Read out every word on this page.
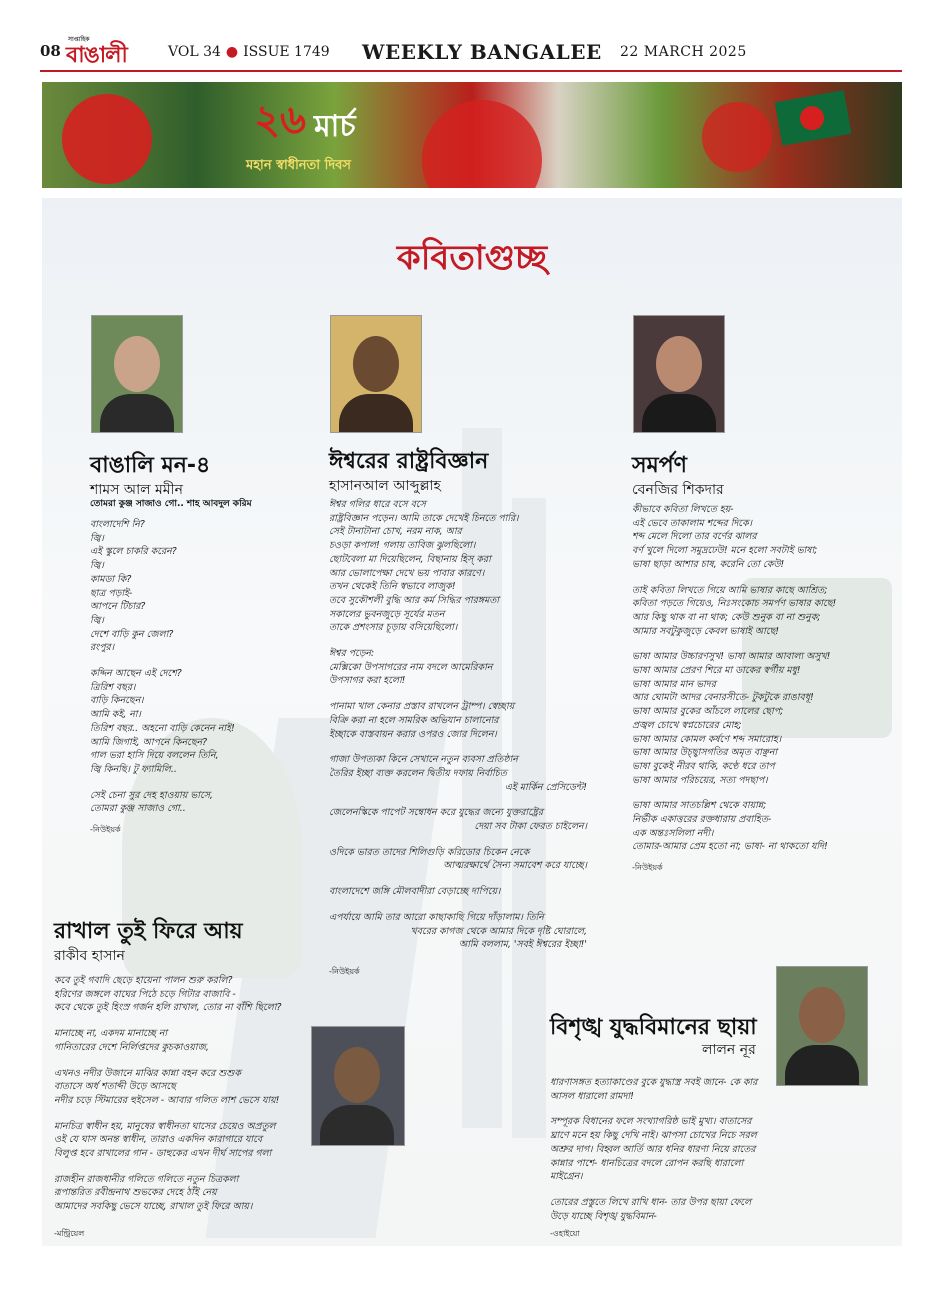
08
সাপ্তাহিক
বাঙালী	VOL 34 ● ISSUE 1749 WEEKLY BANGALEE 22 MARCH 2025
২৬ মার্চ
মহান স্বাধীনতা দিবস
কবিতাগুচ্ছ
বাঙালি মন-৪
শামস আল মমীন
তোমরা কুঞ্জ সাজাও গো.. শাহ আবদুল করিম
বাংলাদেশি নি?
জ্বি।
এই স্কুলে চাকরি করেন?
জ্বি।
কামডা কি?
ছাত্র পড়াই-
আপনে টিচার?
জ্বি।
দেশে বাড়ি কুন জেলা?
রংপুর।
কদ্দিন আছেন এই দেশে?
ত্রিরিশ বছর।
বাড়ি কিনছেন।
আমি কই, না।
তিরিশ বছর.. অহনো বাড়ি কেনেন নাই!
আমি জিগাই, আপনে কিনছেন?
গাল ভরা হাসি দিয়ে বললেন তিনি,
জ্বি কিনছি। টু ফ্যামিলি..
সেই চেনা সুর দেহ হাওয়ায় ভাসে,
তোমরা কুঞ্জ সাজাও গো..
-নিউইয়র্ক
ঈশ্বরের রাষ্ট্রবিজ্ঞান
হাসানআল আব্দুল্লাহ
ঈশ্বর গলির ধারে বসে বসে
রাষ্ট্রবিজ্ঞান পড়েন। আমি তাকে দেখেই চিনতে পারি।
সেই টানাটানা চোখ, নরম নাক, আর
চওড়া কপাল! গলায় তাবিজ ঝুলছিলো।
ছোটবেলা মা দিয়েছিলেন, বিছানায় হিস্ করা
আর ভোলাপেক্ষা দেখে ভয় পাবার কারণে।
তখন থেকেই তিনি স্বভাবে লাজুক!
তবে সুকৌশলী বুদ্ধি আর কর্ম সিদ্ধির পারঙ্গমতা
সকালের ভুবনজুড়ে সূর্যের মতন
তাকে প্রশংসার চূড়ায় বসিয়েছিলো।
ঈশ্বর পড়েন:
মেক্সিকো উপসাগরের নাম বদলে আমেরিকান
উপসাগর করা হলো!
পানামা খাল কেনার প্রস্তাব রাখলেন ট্রাম্প। স্বেচ্ছায়
বিক্রি করা না হলে সামরিক অভিযান চালানোর
ইচ্ছাকে বাস্তবায়ন করার ওপরও জোর দিলেন।
গাজা উপত্যকা কিনে সেখানে নতুন ব্যবসা প্রতিষ্ঠান
তৈরির ইচ্ছা ব্যক্ত করলেন দ্বিতীয় দফায় নির্বাচিত
এই মার্কিন প্রেসিডেন্ট!
জেলেনস্কিকে পাপেট সম্বোধন করে যুদ্ধের জন্যে যুক্তরাষ্ট্রের
দেয়া সব টাকা ফেরত চাইলেন।
ওদিকে ভারত তাদের শিলিগুড়ি করিডোর চিকেন নেকে
আত্মরক্ষার্থে সৈন্য সমাবেশ করে যাচ্ছে।
বাংলাদেশে জঙ্গি মৌলবাদীরা বেড়াচ্ছে দাপিয়ে।
এপর্যায়ে আমি তার আরো কাছাকাছি গিয়ে দাঁড়ালাম। তিনি
খবরের কাগজ থেকে আমার দিকে দৃষ্টি ঘোরালে,
আমি বললাম, 'সবই ঈশ্বরের ইচ্ছা!'
-নিউইয়র্ক
সমর্পণ
বেনজির শিকদার
কীভাবে কবিতা লিখতে হয়-
এই ভেবে তাকালাম শব্দের দিকে।
শব্দ মেলে দিলো তার বর্ণের ঝালর
বর্ণ খুলে দিলো সমুদ্রঢেউ! মনে হলো সবটাই ভাষা;
ভাষা ছাড়া আশার চাষ, করেনি তো কেউ!
তাই কবিতা লিখতে গিয়ে আমি ভাষার কাছে আশ্রিত;
কবিতা পড়তে গিয়েও, নিঃসংকোচ সমর্পণ ভাষার কাছে!
আর কিছু থাক বা না থাক; কেউ শুনুক বা না শুনুক;
আমার সবটুকুজুড়ে কেবল ভাষাই আছে!
ভাষা আমার উচ্চারণসুখ! ভাষা আমার আবাল্য অসুখ!
ভাষা আমার প্রেরণ শিরে মা ডাকের স্বর্গীয় মধু!
ভাষা আমার মান ভাদর
আর ঘোমটা আদর বেনারসীতে- টুকটুকে রাঙাবধূ!
ভাষা আমার বুকের আঁচলে লালের ছোপ;
প্রজ্বল চোখে স্বপ্নচোরের মোহ;
ভাষা আমার কোমল কর্ষণে শব্দ সমারোহ।
ভাষা আমার উচ্ছ্বাসগতির অমৃত বাঞ্ছনা
ভাষা বুকেই নীরব থাকি, কণ্ঠে ধরে তাপ
ভাষা আমার পরিচয়ের, সত্য পদছাপ।
ভাষা আমার সাতচল্লিশ থেকে বায়ান্ন;
নির্ভীক একাত্তরের রক্তধারায় প্রবাহিত-
এক অন্তঃসলিলা নদী।
তোমার-আমার প্রেম হতো না; ভাষা- না থাকতো যদি!
-নিউইয়র্ক
রাখাল তুই ফিরে আয়
রাকীব হাসান
কবে তুই গবাদি ছেড়ে হায়েনা পালন শুরু করলি?
হরিণের জঙ্গলে বাঘের পিঠে চড়ে গিটার বাজাবি -
কবে থেকে তুই হিংস্র গর্জন হলি রাখাল, তোর না বাঁশি ছিলো?
মানাচ্ছে না, একদম মানাচ্ছে না
গানিতারের দেশে নির্লিপ্তদের কুচকাওয়াজ,
এখনও নদীর উজানে মাঝির কান্না বহন করে শুশুক
বাতাসে অর্ধ শতাব্দী উড়ে আসছে
নদীর চড়ে স্টিমারের হুইসেল - আবার গলিত লাশ ভেসে যায়!
মানচিত্র স্বাধীন হয়, মানুষের স্বাধীনতা ঘাসের চেয়েও অপ্রতুল
ওই যে ঘাস অনন্ত স্বাধীন, তারাও একদিন কারাগারে যাবে
বিলুপ্ত হবে রাখালের গান - ডাহুকের এখন দীর্ঘ সাপের গলা
রাজহীন রাজধানীর গলিতে গলিতে নতুন চিত্রকলা
রূপান্তরিত রবীন্দ্রনাথ শুভকের দেহে ঠাঁই নেয়
আমাদের সবকিছু ভেসে যাচ্ছে, রাখাল তুই ফিরে আয়।
-মন্ট্রিয়েল
বিশৃঙ্খ যুদ্ধবিমানের ছায়া
লালন নূর
ধারণাসঙ্গত হত্যাকাণ্ডের বুকে যুদ্ধাস্ত্র সবই জানে- কে কার
আসল ধারালো রামদা!
সম্পূরক বিধানের ফলে সংখ্যাগরিষ্ঠ ভাই মুখ্য। বাতাসের
ঘ্রাণে মনে হয় কিছু দেখি নাই। ঝাপসা চোখের নিচে সরল
অশ্রুর দাগ। বিহ্বল আর্তি আর ধনির ধারণা নিয়ে রাতের
কান্নার পাশে- ধানচিত্রের বদলে রোপন করছি ধারালো
মাইগ্রেন।
তোরের প্রস্তুতে লিখে রাখি ধান- তার উপর ছায়া ফেলে
উড়ে যাচ্ছে বিশৃঙ্খ যুদ্ধবিমান-
-ওহাইয়ো
